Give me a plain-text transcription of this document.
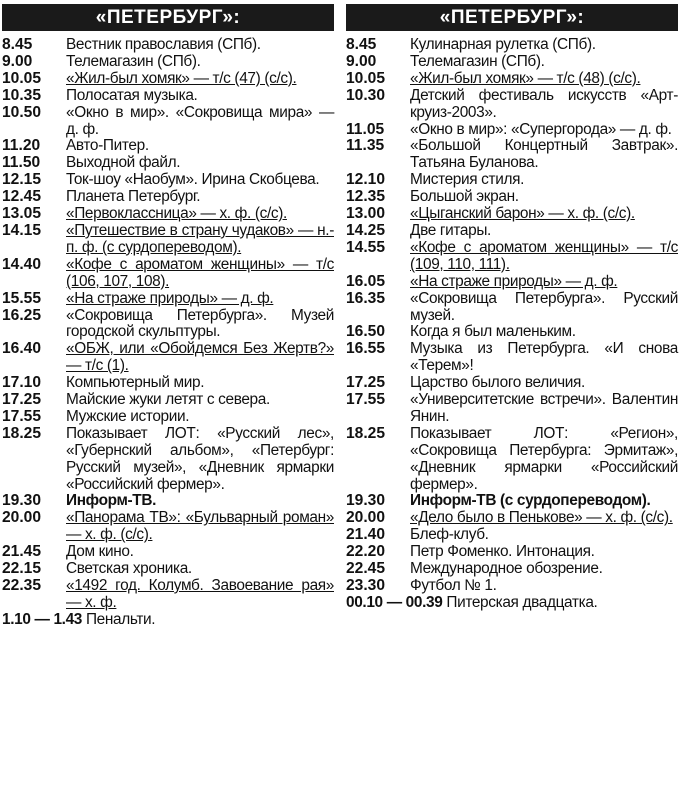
«ПЕТЕРБУРГ»:
8.45	Вестник православия (СПб).
9.00	Телемагазин (СПб).
10.05	«Жил-был хомяк» — т/с (47) (с/с).
10.35	Полосатая музыка.
10.50	«Окно в мир». «Сокровища мира» — д. ф.
11.20	Авто-Питер.
11.50	Выходной файл.
12.15	Ток-шоу «Наобум». Ирина Скобцева.
12.45	Планета Петербург.
13.05	«Первоклассница» — х. ф. (с/с).
14.15	«Путешествие в страну чудаков» — н.-п. ф. (с сурдопереводом).
14.40	«Кофе с ароматом женщины» — т/с (106, 107, 108).
15.55	«На страже природы» — д. ф.
16.25	«Сокровища Петербурга». Музей городской скульптуры.
16.40	«ОБЖ, или «Обойдемся Без Жертв?» — т/с (1).
17.10	Компьютерный мир.
17.25	Майские жуки летят с севера.
17.55	Мужские истории.
18.25	Показывает ЛОТ: «Русский лес», «Губернский альбом», «Петербург: Русский музей», «Дневник ярмарки «Российский фермер».
19.30	Информ-ТВ.
20.00	«Панорама ТВ»: «Бульварный роман» — х. ф. (с/с).
21.45	Дом кино.
22.15	Светская хроника.
22.35	«1492 год. Колумб. Завоевание рая» — х. ф.
1.10 — 1.43 Пенальти.
«ПЕТЕРБУРГ»:
8.45	Кулинарная рулетка (СПб).
9.00	Телемагазин (СПб).
10.05	«Жил-был хомяк» — т/с (48) (с/с).
10.30	Детский фестиваль искусств «Арт-круиз-2003».
11.05	«Окно в мир»: «Супергорода» — д. ф.
11.35	«Большой Концертный Завтрак». Татьяна Буланова.
12.10	Мистерия стиля.
12.35	Большой экран.
13.00	«Цыганский барон» — х. ф. (с/с).
14.25	Две гитары.
14.55	«Кофе с ароматом женщины» — т/с (109, 110, 111).
16.05	«На страже природы» — д. ф.
16.35	«Сокровища Петербурга». Русский музей.
16.50	Когда я был маленьким.
16.55	Музыка из Петербурга. «И снова «Терем»!
17.25	Царство былого величия.
17.55	«Университетские встречи». Валентин Янин.
18.25	Показывает ЛОТ: «Регион», «Сокровища Петербурга: Эрмитаж», «Дневник ярмарки «Российский фермер».
19.30	Информ-ТВ (с сурдопереводом).
20.00	«Дело было в Пенькове» — х. ф. (с/с).
21.40	Блеф-клуб.
22.20	Петр Фоменко. Интонация.
22.45	Международное обозрение.
23.30	Футбол № 1.
00.10 — 00.39 Питерская двадцатка.
